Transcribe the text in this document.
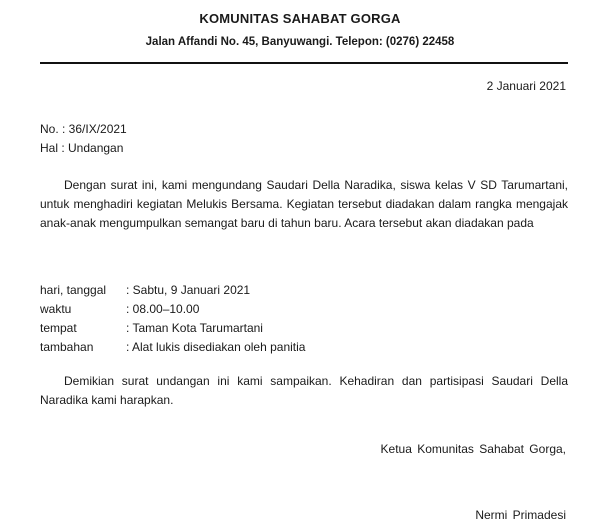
KOMUNITAS SAHABAT GORGA
Jalan Affandi No. 45, Banyuwangi. Telepon: (0276) 22458
2 Januari 2021
No. : 36/IX/2021
Hal : Undangan

Dengan surat ini, kami mengundang Saudari Della Naradika, siswa kelas V SD Tarumartani, untuk menghadiri kegiatan Melukis Bersama. Kegiatan tersebut diadakan dalam rangka mengajak anak-anak mengumpulkan semangat baru di tahun baru. Acara tersebut akan diadakan pada

hari, tanggal	: Sabtu, 9 Januari 2021
waktu	: 08.00–10.00
tempat	: Taman Kota Tarumartani
tambahan	: Alat lukis disediakan oleh panitia

Demikian surat undangan ini kami sampaikan. Kehadiran dan partisipasi Saudari Della Naradika kami harapkan.

Ketua Komunitas Sahabat Gorga,
Nermi Primadesi
